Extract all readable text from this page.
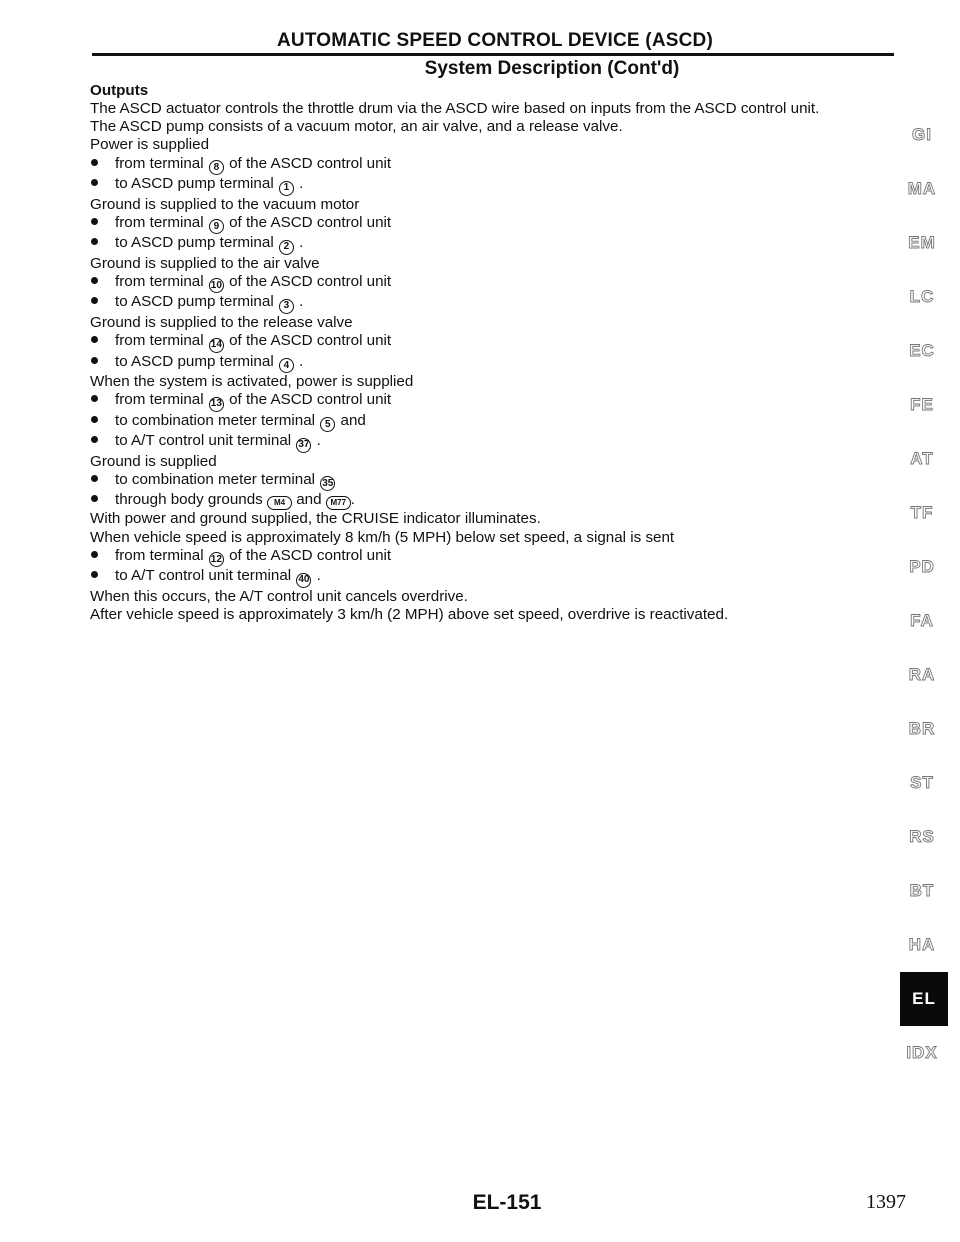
AUTOMATIC SPEED CONTROL DEVICE (ASCD)
System Description (Cont'd)
Outputs
The ASCD actuator controls the throttle drum via the ASCD wire based on inputs from the ASCD control unit.
The ASCD pump consists of a vacuum motor, an air valve, and a release valve.
Power is supplied
from terminal 8 of the ASCD control unit
to ASCD pump terminal 1 .
Ground is supplied to the vacuum motor
from terminal 9 of the ASCD control unit
to ASCD pump terminal 2 .
Ground is supplied to the air valve
from terminal 10 of the ASCD control unit
to ASCD pump terminal 3 .
Ground is supplied to the release valve
from terminal 14 of the ASCD control unit
to ASCD pump terminal 4 .
When the system is activated, power is supplied
from terminal 13 of the ASCD control unit
to combination meter terminal 5 and
to A/T control unit terminal 37 .
Ground is supplied
to combination meter terminal 35
through body grounds M4 and M77 .
With power and ground supplied, the CRUISE indicator illuminates.
When vehicle speed is approximately 8 km/h (5 MPH) below set speed, a signal is sent
from terminal 12 of the ASCD control unit
to A/T control unit terminal 40 .
When this occurs, the A/T control unit cancels overdrive.
After vehicle speed is approximately 3 km/h (2 MPH) above set speed, overdrive is reactivated.
GI
MA
EM
LC
EC
FE
AT
TF
PD
FA
RA
BR
ST
RS
BT
HA
EL
IDX
EL-151	1397
